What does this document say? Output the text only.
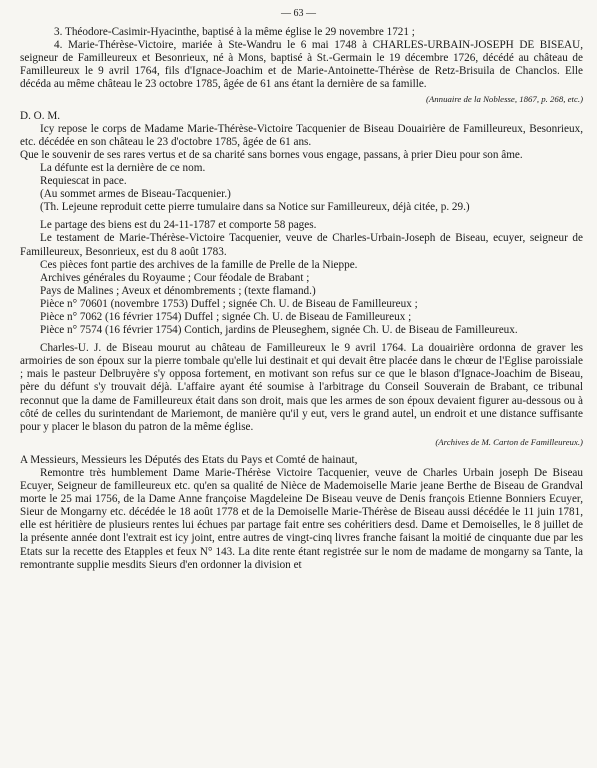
— 63 —

3. Théodore-Casimir-Hyacinthe, baptisé à la même église le 29 novembre 1721 ;

4. Marie-Thérèse-Victoire, mariée à Ste-Wandru le 6 mai 1748 à CHARLES-URBAIN-JOSEPH DE BISEAU, seigneur de Familleureux et Besonrieux, né à Mons, baptisé à St.-Germain le 19 décembre 1726, décédé au château de Familleureux le 9 avril 1764, fils d'Ignace-Joachim et de Marie-Antoinette-Thérèse de Retz-Brisuila de Chanclos. Elle décéda au même château le 23 octobre 1785, âgée de 61 ans étant la dernière de sa famille.

(Annuaire de la Noblesse, 1867, p. 268, etc.)

D. O. M.

Icy repose le corps de Madame Marie-Thérèse-Victoire Tacquenier de Biseau Douairière de Familleureux, Besonrieux, etc. décédée en son château le 23 d'octobre 1785, âgée de 61 ans.

Que le souvenir de ses rares vertus et de sa charité sans bornes vous engage, passans, à prier Dieu pour son âme.

La défunte est la dernière de ce nom.

Requiescat in pace.

(Au sommet armes de Biseau-Tacquenier.)

(Th. Lejeune reproduit cette pierre tumulaire dans sa Notice sur Familleureux, déjà citée, p. 29.)

Le partage des biens est du 24-11-1787 et comporte 58 pages.

Le testament de Marie-Thérèse-Victoire Tacquenier, veuve de Charles-Urbain-Joseph de Biseau, ecuyer, seigneur de Familleureux, Besonrieux, est du 8 août 1783.

Ces pièces font partie des archives de la famille de Prelle de la Nieppe.

Archives générales du Royaume ; Cour féodale de Brabant ;

Pays de Malines ; Aveux et dénombrements ; (texte flamand.)

Pièce n° 70601 (novembre 1753) Duffel ; signée Ch. U. de Biseau de Familleureux ;

Pièce n° 7062 (16 février 1754) Duffel ; signée Ch. U. de Biseau de Familleureux ;

Pièce n° 7574 (16 février 1754) Contich, jardins de Pleuseghem, signée Ch. U. de Biseau de Familleureux.

Charles-U. J. de Biseau mourut au château de Familleureux le 9 avril 1764. La douairière ordonna de graver les armoiries de son époux sur la pierre tombale qu'elle lui destinait et qui devait être placée dans le chœur de l'Eglise paroissiale ; mais le pasteur Delbruyère s'y opposa fortement, en motivant son refus sur ce que le blason d'Ignace-Joachim de Biseau, père du défunt s'y trouvait déjà. L'affaire ayant été soumise à l'arbitrage du Conseil Souverain de Brabant, ce tribunal reconnut que la dame de Familleureux était dans son droit, mais que les armes de son époux devaient figurer au-dessous ou à côté de celles du surintendant de Mariemont, de manière qu'il y eut, vers le grand autel, un endroit et une distance suffisante pour y placer le blason du patron de la même église.

(Archives de M. Carton de Familleureux.)

A Messieurs, Messieurs les Députés des Etats du Pays et Comté de hainaut,

Remontre très humblement Dame Marie-Thérèse Victoire Tacquenier, veuve de Charles Urbain joseph De Biseau Ecuyer, Seigneur de familleureux etc. qu'en sa qualité de Nièce de Mademoiselle Marie jeane Berthe de Biseau de Grandval morte le 25 mai 1756, de la Dame Anne françoise Magdeleine De Biseau veuve de Denis françois Etienne Bonniers Ecuyer, Sieur de Mongarny etc. décédée le 18 août 1778 et de la Demoiselle Marie-Thérèse de Biseau aussi décédée le 11 juin 1781, elle est héritière de plusieurs rentes lui échues par partage fait entre ses cohéritiers desd. Dame et Demoiselles, le 8 juillet de la présente année dont l'extrait est icy joint, entre autres de vingt-cinq livres franche faisant la moitié de cinquante due par les Etats sur la recette des Etapples et feux N° 143. La dite rente étant registrée sur le nom de madame de mongarny sa Tante, la remontrante supplie mesdits Sieurs d'en ordonner la division et
